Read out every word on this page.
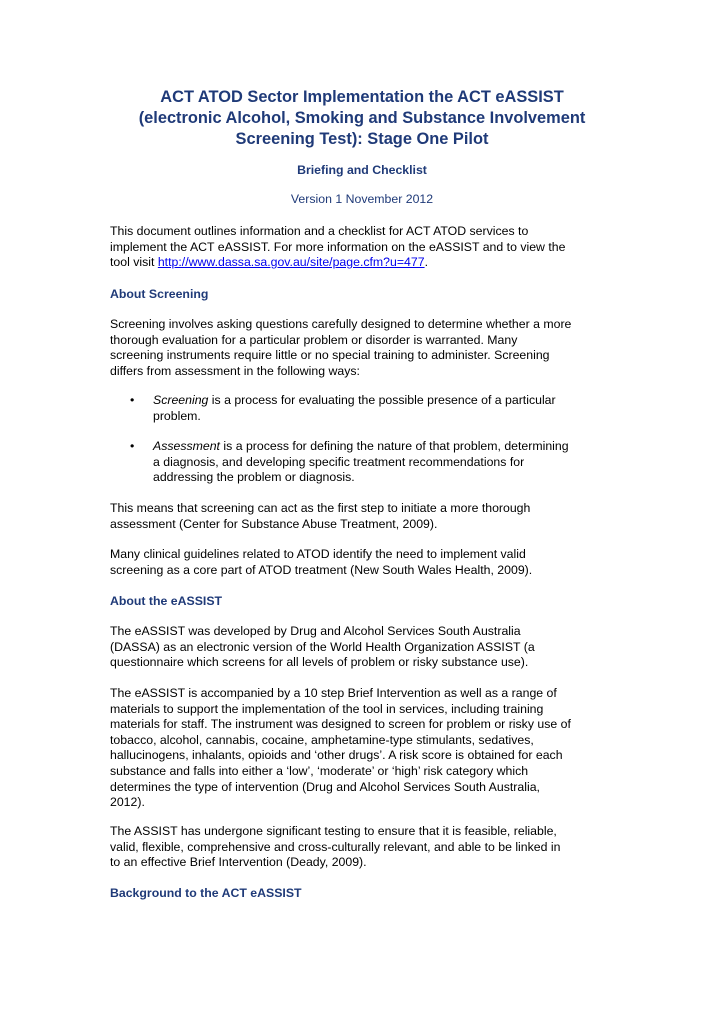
ACT ATOD Sector Implementation the ACT eASSIST
(electronic Alcohol, Smoking and Substance Involvement
Screening Test): Stage One Pilot

Briefing and Checklist

Version 1 November 2012

This document outlines information and a checklist for ACT ATOD services to
implement the ACT eASSIST. For more information on the eASSIST and to view the
tool visit http://www.dassa.sa.gov.au/site/page.cfm?u=477.

About Screening

Screening involves asking questions carefully designed to determine whether a more
thorough evaluation for a particular problem or disorder is warranted. Many
screening instruments require little or no special training to administer. Screening
differs from assessment in the following ways:

• Screening is a process for evaluating the possible presence of a particular
problem.
• Assessment is a process for defining the nature of that problem, determining
a diagnosis, and developing specific treatment recommendations for
addressing the problem or diagnosis.

This means that screening can act as the first step to initiate a more thorough
assessment (Center for Substance Abuse Treatment, 2009).

Many clinical guidelines related to ATOD identify the need to implement valid
screening as a core part of ATOD treatment (New South Wales Health, 2009).

About the eASSIST

The eASSIST was developed by Drug and Alcohol Services South Australia
(DASSA) as an electronic version of the World Health Organization ASSIST (a
questionnaire which screens for all levels of problem or risky substance use).

The eASSIST is accompanied by a 10 step Brief Intervention as well as a range of
materials to support the implementation of the tool in services, including training
materials for staff. The instrument was designed to screen for problem or risky use of
tobacco, alcohol, cannabis, cocaine, amphetamine-type stimulants, sedatives,
hallucinogens, inhalants, opioids and ‘other drugs’. A risk score is obtained for each
substance and falls into either a ‘low’, ‘moderate’ or ‘high’ risk category which
determines the type of intervention (Drug and Alcohol Services South Australia,
2012).

The ASSIST has undergone significant testing to ensure that it is feasible, reliable,
valid, flexible, comprehensive and cross-culturally relevant, and able to be linked in
to an effective Brief Intervention (Deady, 2009).

Background to the ACT eASSIST
